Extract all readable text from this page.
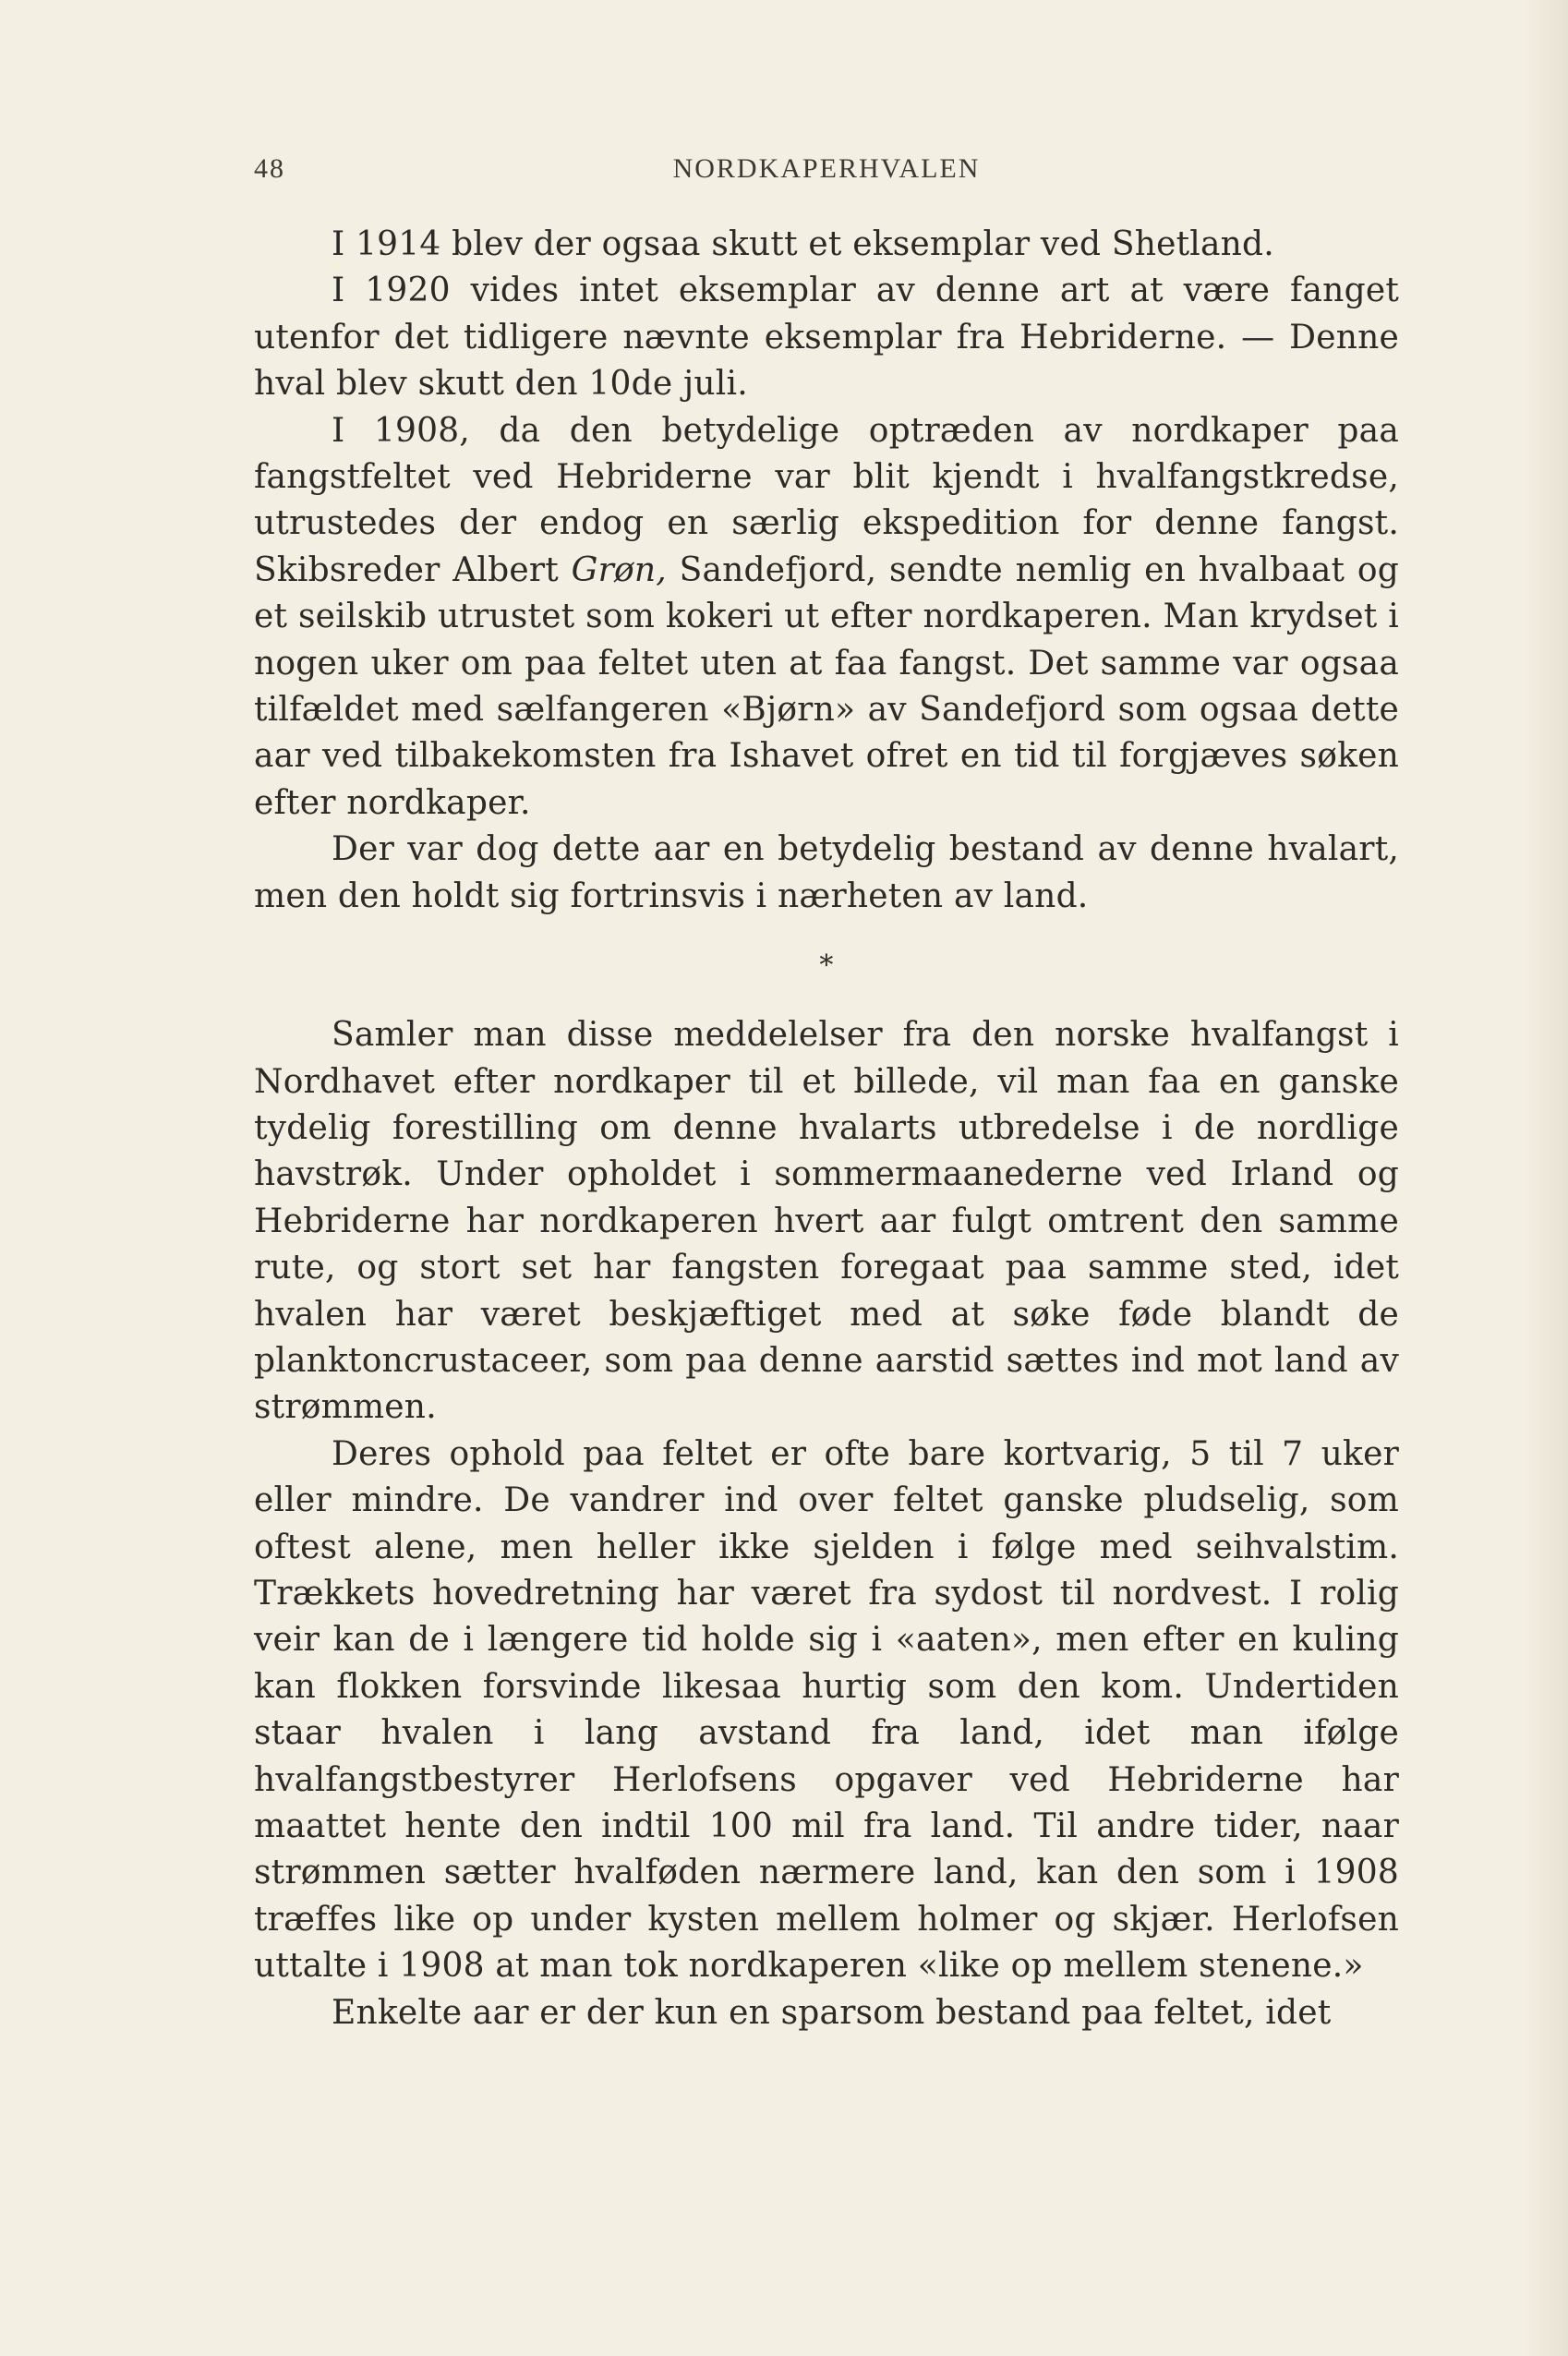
48	NORDKAPERHVALEN

I 1914 blev der ogsaa skutt et eksemplar ved Shetland.

I 1920 vides intet eksemplar av denne art at være fanget utenfor det tidligere nævnte eksemplar fra Hebriderne. — Denne hval blev skutt den 10de juli.

I 1908, da den betydelige optræden av nordkaper paa fangstfeltet ved Hebriderne var blit kjendt i hvalfangstkredse, utrustedes der endog en særlig ekspedition for denne fangst. Skibsreder Albert Grøn, Sandefjord, sendte nemlig en hvalbaat og et seilskib utrustet som kokeri ut efter nordkaperen. Man krydset i nogen uker om paa feltet uten at faa fangst. Det samme var ogsaa tilfældet med sælfangeren «Bjørn» av Sandefjord som ogsaa dette aar ved tilbakekomsten fra Ishavet ofret en tid til forgjæves søken efter nordkaper.

Der var dog dette aar en betydelig bestand av denne hvalart, men den holdt sig fortrinsvis i nærheten av land.

*

Samler man disse meddelelser fra den norske hvalfangst i Nordhavet efter nordkaper til et billede, vil man faa en ganske tydelig forestilling om denne hvalarts utbredelse i de nordlige havstrøk. Under opholdet i sommermaanederne ved Irland og Hebriderne har nordkaperen hvert aar fulgt omtrent den samme rute, og stort set har fangsten foregaat paa samme sted, idet hvalen har været beskjæftiget med at søke føde blandt de planktoncrustaceer, som paa denne aarstid sættes ind mot land av strømmen.

Deres ophold paa feltet er ofte bare kortvarig, 5 til 7 uker eller mindre. De vandrer ind over feltet ganske pludselig, som oftest alene, men heller ikke sjelden i følge med seihvalstim. Trækkets hovedretning har været fra sydost til nordvest. I rolig veir kan de i længere tid holde sig i «aaten», men efter en kuling kan flokken forsvinde likesaa hurtig som den kom. Undertiden staar hvalen i lang avstand fra land, idet man ifølge hvalfangstbestyrer Herlofsens opgaver ved Hebriderne har maattet hente den indtil 100 mil fra land. Til andre tider, naar strømmen sætter hvalføden nærmere land, kan den som i 1908 træffes like op under kysten mellem holmer og skjær. Herlofsen uttalte i 1908 at man tok nordkaperen «like op mellem stenene.»

Enkelte aar er der kun en sparsom bestand paa feltet, idet
